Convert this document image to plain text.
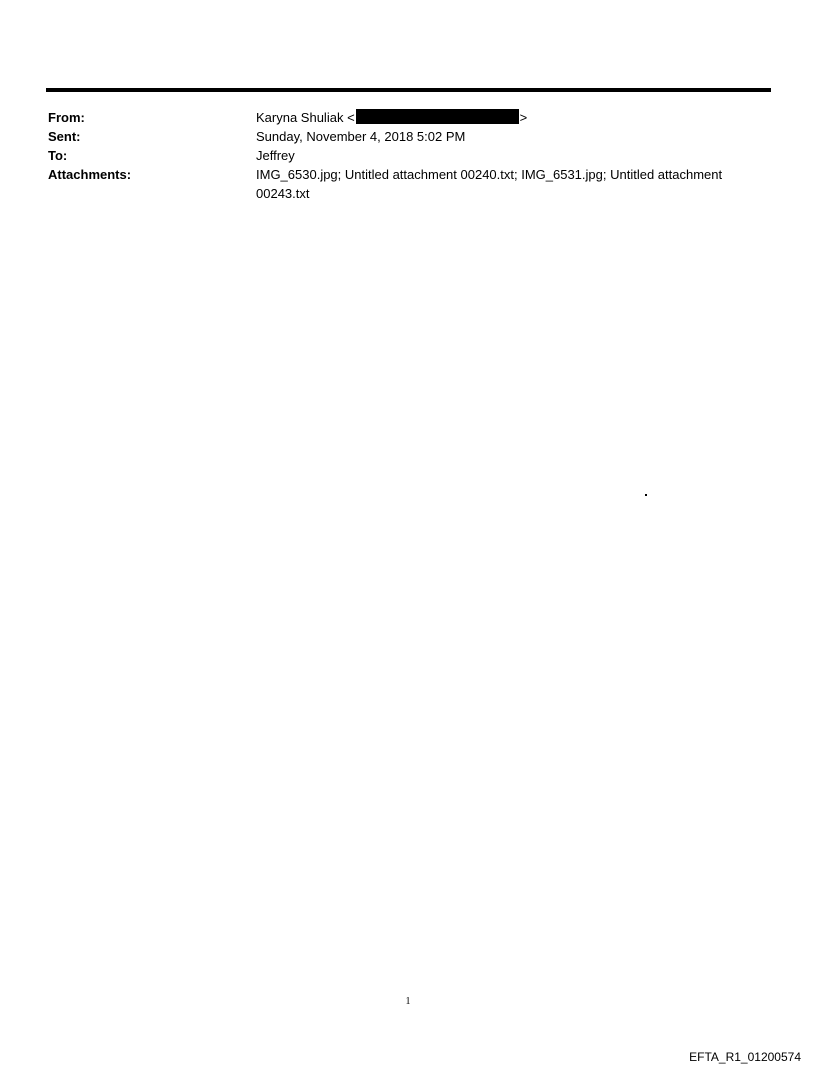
From:	Karyna Shuliak <	>
Sent:	Sunday, November 4, 2018 5:02 PM
To:	Jeffrey
Attachments:	IMG_6530.jpg; Untitled attachment 00240.txt; IMG_6531.jpg; Untitled attachment 00243.txt
1
EFTA_R1_01200574
